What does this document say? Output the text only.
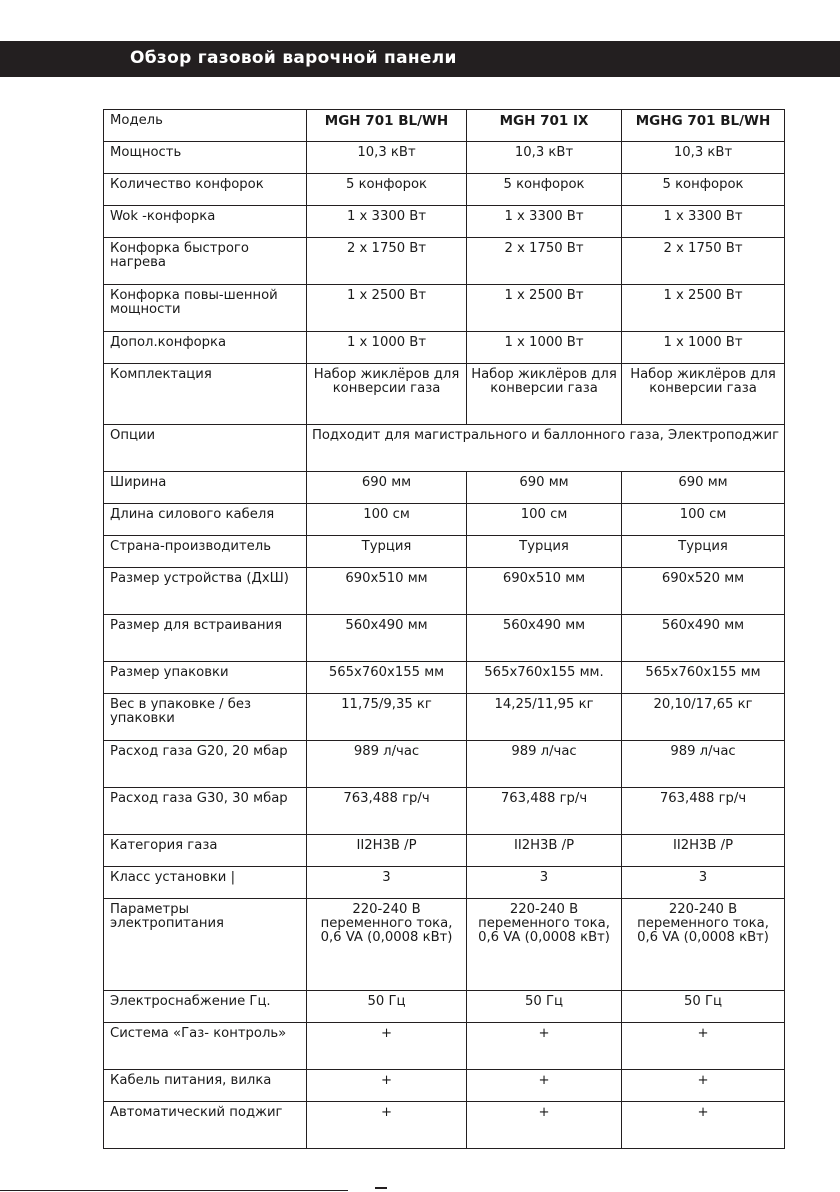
Обзор газовой варочной панели
Модель	MGH 701 BL/WH	MGH 701 IX	MGHG 701 BL/WH
Мощность	10,3 кВт	10,3 кВт	10,3 кВт
Количество конфорок	5 конфорок	5 конфорок	5 конфорок
Wok -конфорка	1 x 3300 Вт	1 x 3300 Вт	1 x 3300 Вт
Конфорка быстрого нагрева	2 x 1750 Вт	2 x 1750 Вт	2 x 1750 Вт
Конфорка повы-шенной мощности	1 x 2500 Вт	1 x 2500 Вт	1 x 2500 Вт
Допол.конфорка	1 x 1000 Вт	1 x 1000 Вт	1 x 1000 Вт
Комплектация	Набор жиклёров для конверсии газа	Набор жиклёров для конверсии газа	Набор жиклёров для конверсии газа
Опции	Подходит для магистрального и баллонного газа, Электроподжиг		
Ширина	690 мм	690 мм	690 мм
Длина силового кабеля	100 см	100 см	100 см
Страна-производитель	Турция	Турция	Турция
Размер устройства (ДхШ)	690x510 мм	690x510 мм	690x520 мм
Размер для встраивания	560x490 мм	560x490 мм	560x490 мм
Размер упаковки	565x760x155 мм	565x760x155 мм.	565x760x155 мм
Вес в упаковке / без упаковки	11,75/9,35 кг	14,25/11,95 кг	20,10/17,65 кг
Расход газа G20, 20 мбар	989 л/час	989 л/час	989 л/час
Расход газа G30, 30 мбар	763,488 гр/ч	763,488 гр/ч	763,488 гр/ч
Категория газа	II2H3B /P	II2H3B /P	II2H3B /P
Класс установки |	3	3	3
Параметры электропитания	220-240 В переменного тока, 0,6 VA (0,0008 кВт)	220-240 В переменного тока, 0,6 VA (0,0008 кВт)	220-240 В переменного тока, 0,6 VA (0,0008 кВт)
Электроснабжение Гц.	50 Гц	50 Гц	50 Гц
Система «Газ- контроль»	+	+	+
Кабель питания, вилка	+	+	+
Автоматический поджиг	+	+	+
